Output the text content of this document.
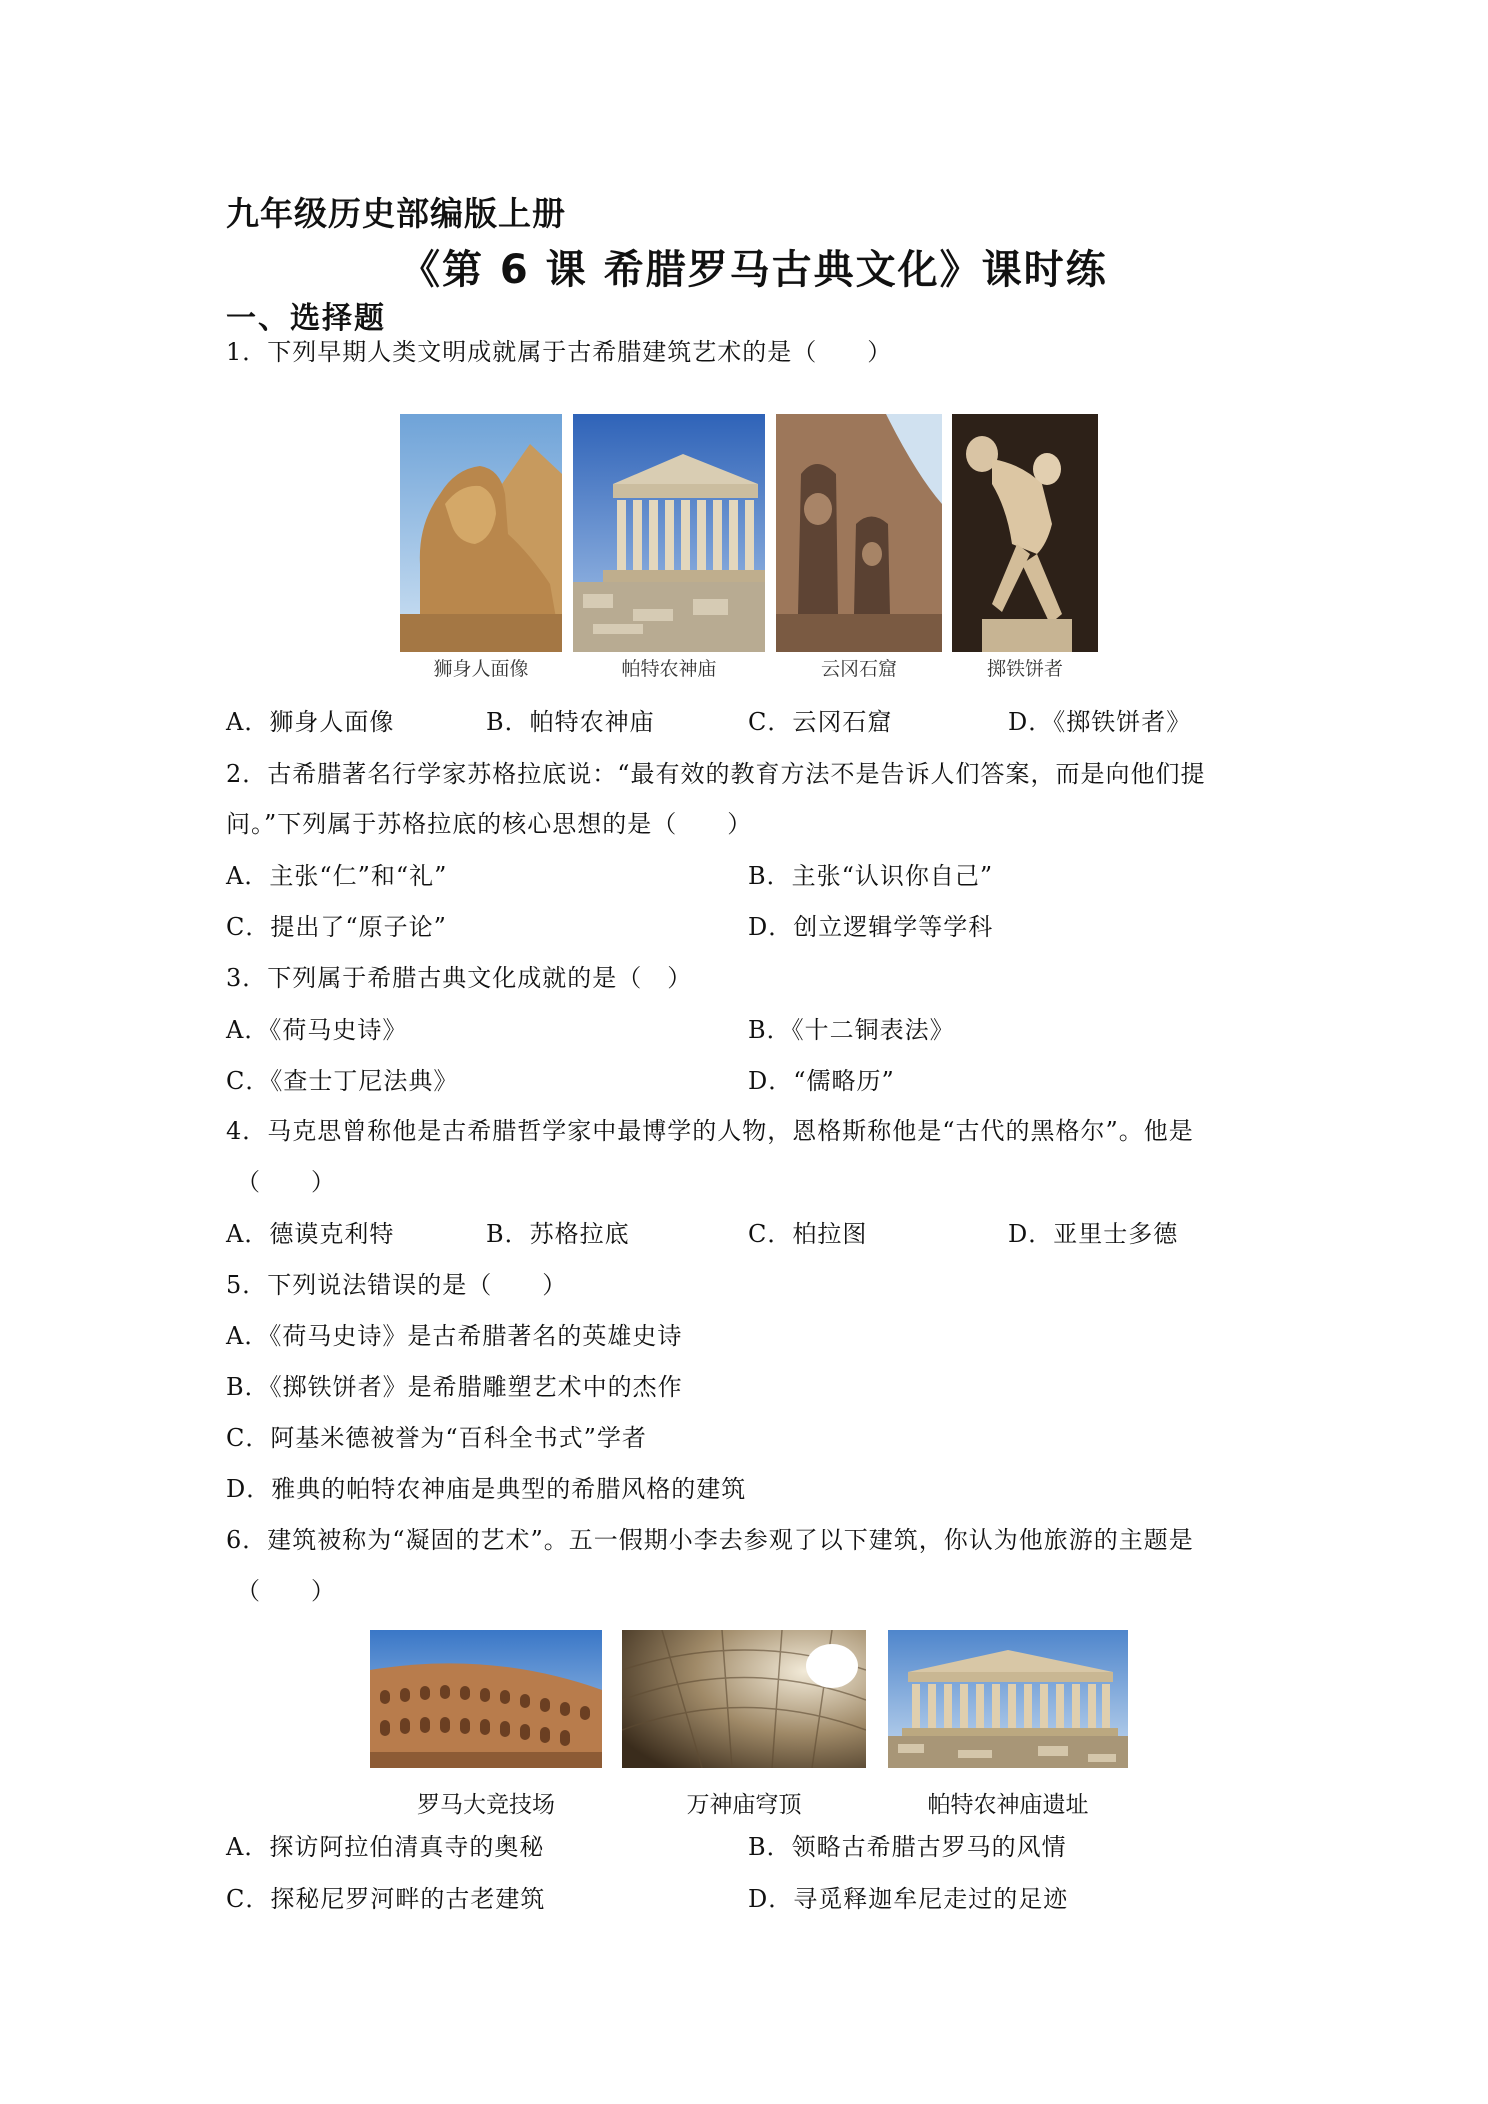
九年级历史部编版上册
《第 6 课 希腊罗马古典文化》课时练
一、选择题
1．下列早期人类文明成就属于古希腊建筑艺术的是（　　）
狮身人面像	帕特农神庙	云冈石窟	掷铁饼者
A．狮身人面像	B．帕特农神庙	C．云冈石窟	D．《掷铁饼者》
2．古希腊著名行学家苏格拉底说：“最有效的教育方法不是告诉人们答案，而是向他们提
问。”下列属于苏格拉底的核心思想的是（　　）
A．主张“仁”和“礼”	B．主张“认识你自己”
C．提出了“原子论”	D．创立逻辑学等学科
3．下列属于希腊古典文化成就的是（　）
A．《荷马史诗》	B．《十二铜表法》
C．《查士丁尼法典》	D．“儒略历”
4．马克思曾称他是古希腊哲学家中最博学的人物，恩格斯称他是“古代的黑格尔”。他是
（　　）
A．德谟克利特	B．苏格拉底	C．柏拉图	D．亚里士多德
5．下列说法错误的是（　　）
A．《荷马史诗》是古希腊著名的英雄史诗
B．《掷铁饼者》是希腊雕塑艺术中的杰作
C．阿基米德被誉为“百科全书式”学者
D．雅典的帕特农神庙是典型的希腊风格的建筑
6．建筑被称为“凝固的艺术”。五一假期小李去参观了以下建筑，你认为他旅游的主题是
（　　）
罗马大竞技场	万神庙穹顶	帕特农神庙遗址
A．探访阿拉伯清真寺的奥秘	B．领略古希腊古罗马的风情
C．探秘尼罗河畔的古老建筑	D．寻觅释迦牟尼走过的足迹
